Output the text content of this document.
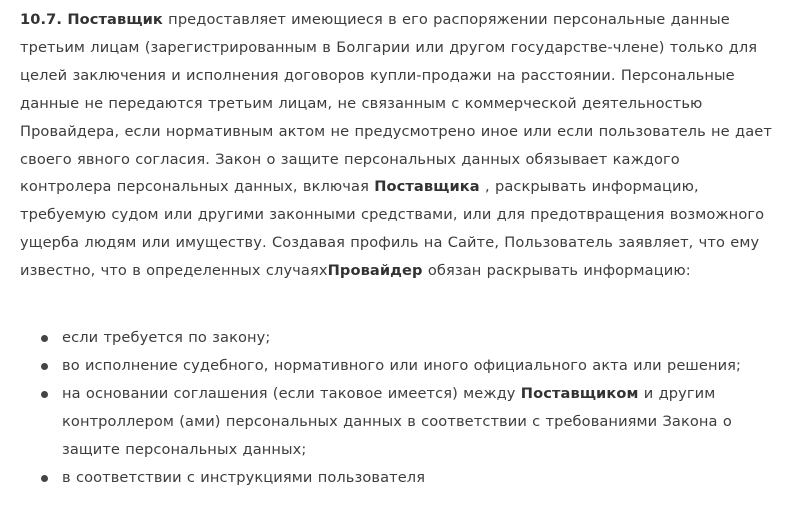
10.7. Поставщик предоставляет имеющиеся в его распоряжении персональные данные третьим лицам (зарегистрированным в Болгарии или другом государстве-члене) только для целей заключения и исполнения договоров купли-продажи на расстоянии. Персональные данные не передаются третьим лицам, не связанным с коммерческой деятельностью Провайдера, если нормативным актом не предусмотрено иное или если пользователь не дает своего явного согласия. Закон о защите персональных данных обязывает каждого контролера персональных данных, включая Поставщика , раскрывать информацию, требуемую судом или другими законными средствами, или для предотвращения возможного ущерба людям или имуществу. Создавая профиль на Сайте, Пользователь заявляет, что ему известно, что в определенных случаяхПровайдер обязан раскрывать информацию:

если требуется по закону;
во исполнение судебного, нормативного или иного официального акта или решения;
на основании соглашения (если таковое имеется) между Поставщиком и другим контроллером (ами) персональных данных в соответствии с требованиями Закона о защите персональных данных;
в соответствии с инструкциями пользователя
